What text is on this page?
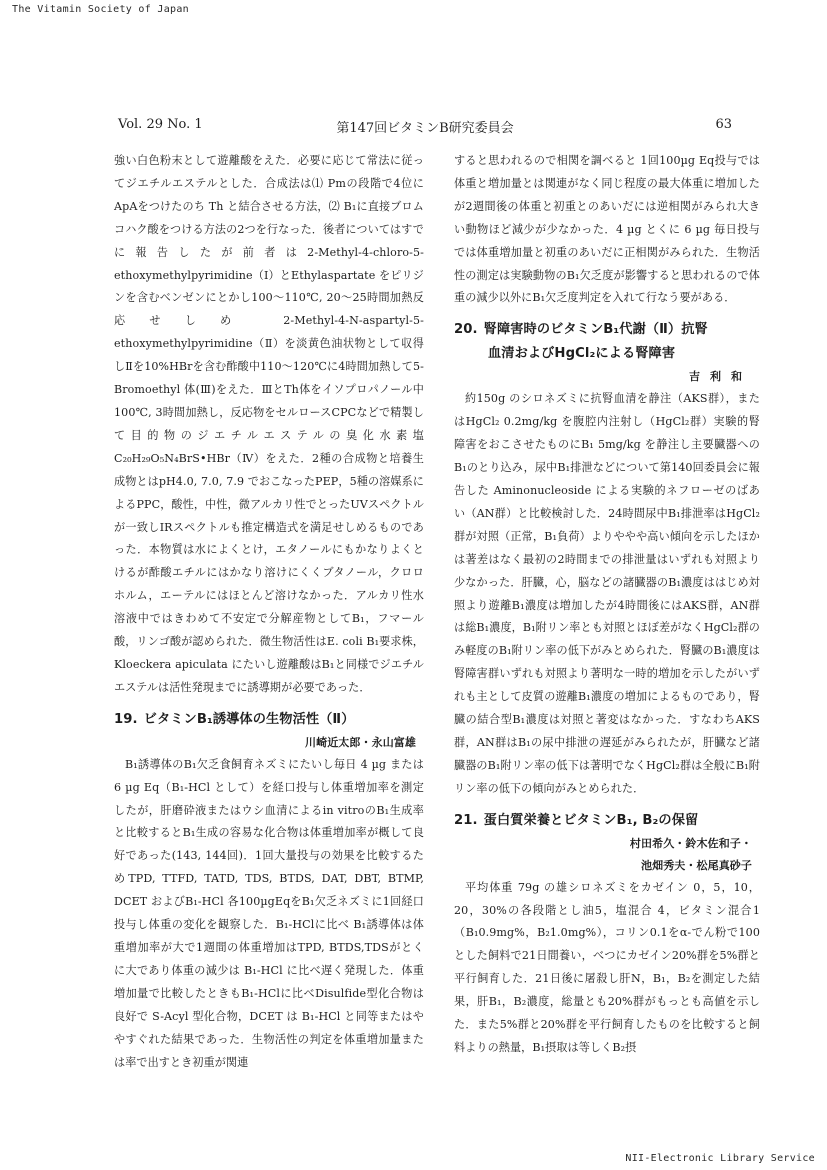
The Vitamin Society of Japan
Vol. 29 No. 1	第147回ビタミンB研究委員会	63

強い白色粉末として遊離酸をえた．必要に応じて常法に従ってジエチルエステルとした．合成法は⑴ Pmの段階で4位にApAをつけたのち Th と結合させる方法，⑵ B₁に直接ブロムコハク酸をつける方法の2つを行なった．後者についてはすでに報告したが前者は2-Methyl-4-chloro-5-ethoxymethylpyrimidine（Ⅰ）とEthylaspartate をピリジンを含むベンゼンにとかし100～110℃, 20～25時間加熱反応せしめ 2-Methyl-4-N-aspartyl-5-ethoxymethylpyrimidine（Ⅱ）を淡黄色油状物として収得しⅡを10%HBrを含む酢酸中110～120℃に4時間加熱して5-Bromoethyl 体(Ⅲ)をえた．ⅢとTh体をイソプロパノール中100℃, 3時間加熱し，反応物をセルロースCPCなどで精製して目的物のジエチルエステルの臭化水素塩C₂₀H₂₉O₅N₄BrS•HBr（Ⅳ）をえた．2種の合成物と培養生成物とはpH4.0, 7.0, 7.9 でおこなったPEP，5種の溶媒系によるPPC，酸性，中性，微アルカリ性でとったUVスペクトルが一致しIRスペクトルも推定構造式を満足せしめるものであった．本物質は水によくとけ，エタノールにもかなりよくとけるが酢酸エチルにはかなり溶けにくくブタノール，クロロホルム，エーテルにはほとんど溶けなかった．アルカリ性水溶液中ではきわめて不安定で分解産物としてB₁，フマール酸，リンゴ酸が認められた．微生物活性はE. coli B₁要求株，Kloeckera apiculata にたいし遊離酸はB₁と同様でジエチルエステルは活性発現までに誘導期が必要であった．

19. ビタミンB₁誘導体の生物活性（Ⅱ）
川崎近太郎・永山富雄

B₁誘導体のB₁欠乏食飼育ネズミにたいし毎日 4 µg または 6 µg Eq（B₁-HCl として）を経口投与し体重増加率を測定したが，肝磨砕液またはウシ血清によるin vitroのB₁生成率と比較するとB₁生成の容易な化合物は体重増加率が概して良好であった(143, 144回)．1回大量投与の効果を比較するためTPD, TTFD, TATD, TDS, BTDS, DAT, DBT, BTMP, DCET およびB₁-HCl 各100µgEqをB₁欠乏ネズミに1回経口投与し体重の変化を観察した．B₁-HClに比べ B₁誘導体は体重増加率が大で1週間の体重増加はTPD, BTDS,TDSがとくに大であり体重の減少は B₁-HCl に比べ遅く発現した．体重増加量で比較したときもB₁-HClに比べDisulfide型化合物は良好で S-Acyl 型化合物，DCET は B₁-HCl と同等またはややすぐれた結果であった．生物活性の判定を体重増加量または率で出すとき初重が関連

すると思われるので相関を調べると 1回100µg Eq投与では体重と増加量とは関連がなく同じ程度の最大体重に増加したが2週間後の体重と初重とのあいだには逆相関がみられ大きい動物ほど減少が少なかった．4 µg とくに 6 µg 毎日投与では体重増加量と初重のあいだに正相関がみられた．生物活性の測定は実験動物のB₁欠乏度が影響すると思われるので体重の減少以外にB₁欠乏度判定を入れて行なう要がある．

20. 腎障害時のビタミンB₁代謝（Ⅱ）抗腎
血清およびHgCl₂による腎障害
吉利和

約150g のシロネズミに抗腎血清を静注（AKS群），またはHgCl₂ 0.2mg/kg を腹腔内注射し（HgCl₂群）実験的腎障害をおこさせたものにB₁ 5mg/kg を静注し主要臓器へのB₁のとり込み，尿中B₁排泄などについて第140回委員会に報告した Aminonucleoside による実験的ネフローゼのばあい（AN群）と比較検討した．24時間尿中B₁排泄率はHgCl₂群が対照（正常，B₁負荷）よりややや高い傾向を示したほかは著差はなく最初の2時間までの排泄量はいずれも対照より少なかった．肝臓，心，脳などの諸臓器のB₁濃度ははじめ対照より遊離B₁濃度は増加したが4時間後にはAKS群，AN群は総B₁濃度，B₁附リン率とも対照とほぼ差がなくHgCl₂群のみ軽度のB₁附リン率の低下がみとめられた．腎臓のB₁濃度は腎障害群いずれも対照より著明な一時的増加を示したがいずれも主として皮質の遊離B₁濃度の増加によるものであり，腎臓の結合型B₁濃度は対照と著変はなかった．すなわちAKS群，AN群はB₁の尿中排泄の遅延がみられたが，肝臓など諸臓器のB₁附リン率の低下は著明でなくHgCl₂群は全般にB₁附リン率の低下の傾向がみとめられた．

21. 蛋白質栄養とビタミンB₁, B₂の保留
村田希久・鈴木佐和子・
池畑秀夫・松尾真砂子

平均体重 79g の雄シロネズミをカゼイン 0，5，10，20，30%の各段階とし油5，塩混合 4，ビタミン混合1（B₁0.9mg%，B₂1.0mg%），コリン0.1をα-でん粉で100とした飼料で21日間養い，べつにカゼイン20%群を5%群と平行飼育した．21日後に屠殺し肝N，B₁，B₂を測定した結果，肝B₁，B₂濃度，総量とも20%群がもっとも高値を示した．また5%群と20%群を平行飼育したものを比較すると飼料よりの熱量，B₁摂取は等しくB₂摂

NII-Electronic Library Service
